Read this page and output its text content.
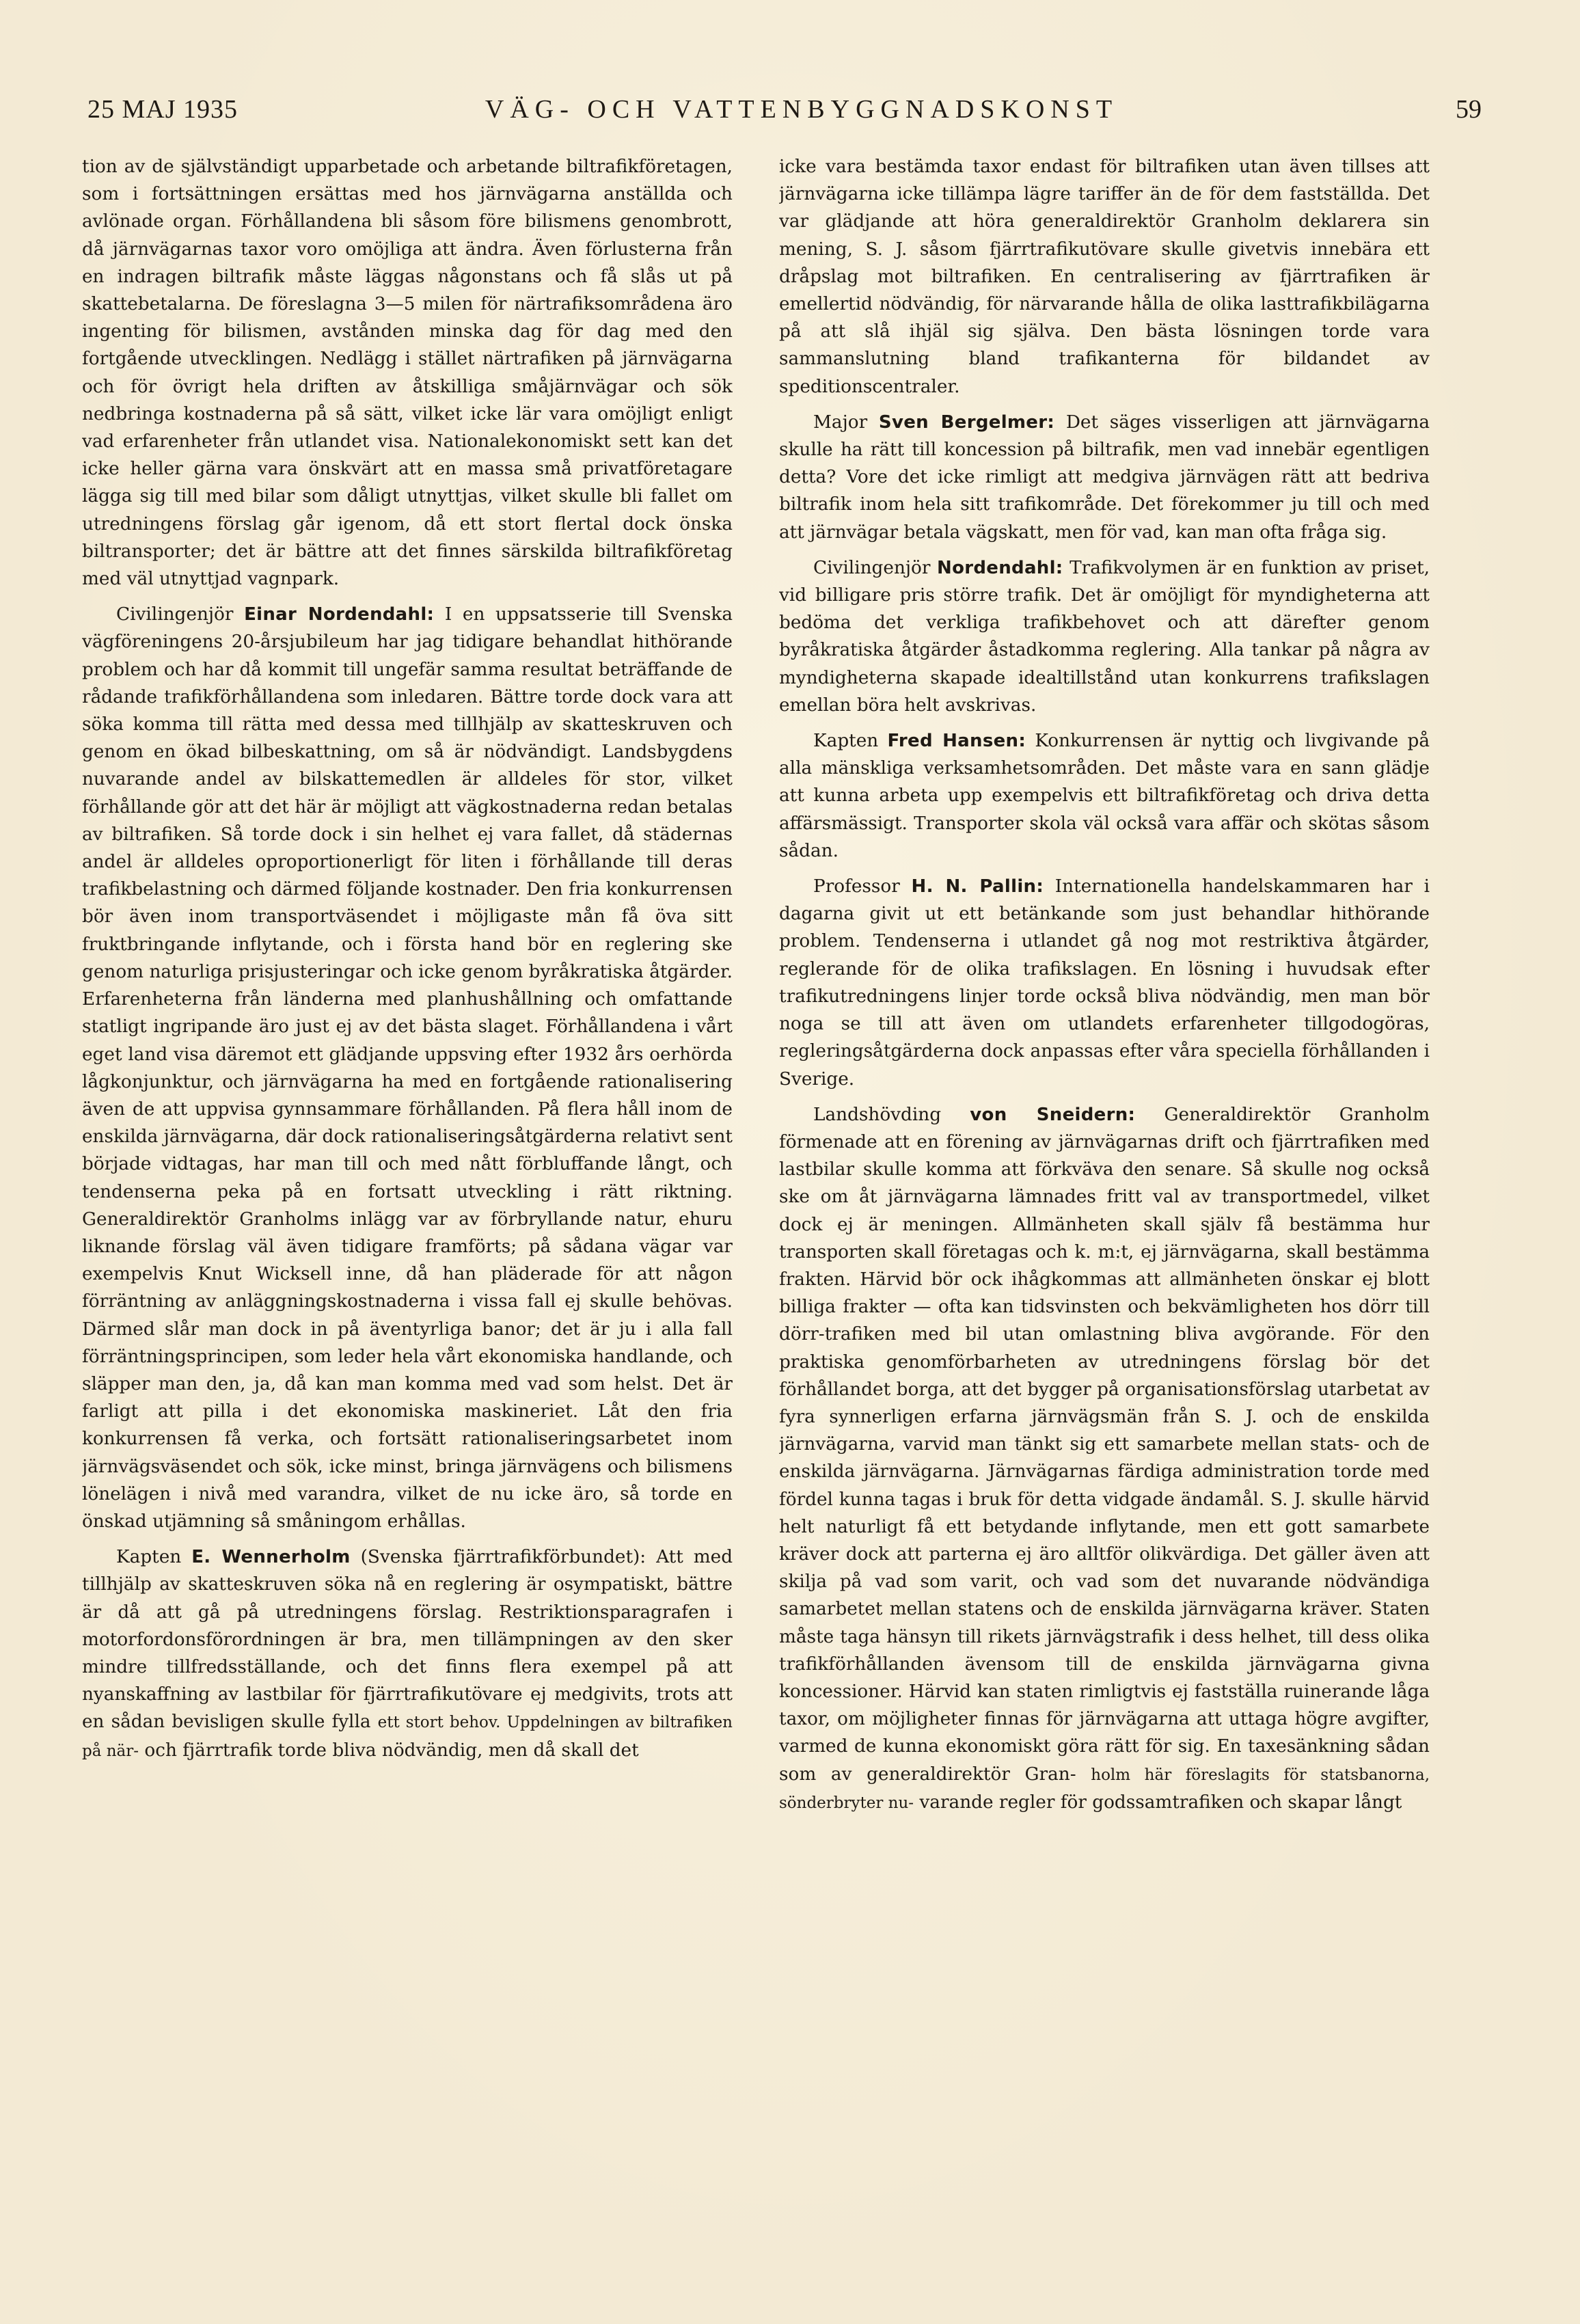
25 MAJ 1935	VÄG- OCH VATTENBYGGNADSKONST	59

tion av de självständigt upparbetade och arbetande biltrafikföretagen, som i fortsättningen ersättas med hos järnvägarna anställda och avlönade organ. Förhållandena bli såsom före bilismens genombrott, då järnvägarnas taxor voro omöjliga att ändra. Även förlusterna från en indragen biltrafik måste läggas någonstans och få slås ut på skattebetalarna. De föreslagna 3—5 milen för närtrafiksområdena äro ingenting för bilismen, avstånden minska dag för dag med den fortgående utvecklingen. Nedlägg i stället närtrafiken på järnvägarna och för övrigt hela driften av åtskilliga småjärnvägar och sök nedbringa kostnaderna på så sätt, vilket icke lär vara omöjligt enligt vad erfarenheter från utlandet visa. Nationalekonomiskt sett kan det icke heller gärna vara önskvärt att en massa små privatföretagare lägga sig till med bilar som dåligt utnyttjas, vilket skulle bli fallet om utredningens förslag går igenom, då ett stort flertal dock önska biltransporter; det är bättre att det finnes särskilda biltrafikföretag med väl utnyttjad vagnpark.

Civilingenjör Einar Nordendahl: I en uppsatsserie till Svenska vägföreningens 20-årsjubileum har jag tidigare behandlat hithörande problem och har då kommit till ungefär samma resultat beträffande de rådande trafikförhållandena som inledaren. Bättre torde dock vara att söka komma till rätta med dessa med tillhjälp av skatteskruven och genom en ökad bilbeskattning, om så är nödvändigt. Landsbygdens nuvarande andel av bilskattemedlen är alldeles för stor, vilket förhållande gör att det här är möjligt att vägkostnaderna redan betalas av biltrafiken. Så torde dock i sin helhet ej vara fallet, då städernas andel är alldeles oproportionerligt för liten i förhållande till deras trafikbelastning och därmed följande kostnader. Den fria konkurrensen bör även inom transportväsendet i möjligaste mån få öva sitt fruktbringande inflytande, och i första hand bör en reglering ske genom naturliga prisjusteringar och icke genom byråkratiska åtgärder. Erfarenheterna från länderna med planhushållning och omfattande statligt ingripande äro just ej av det bästa slaget. Förhållandena i vårt eget land visa däremot ett glädjande uppsving efter 1932 års oerhörda lågkonjunktur, och järnvägarna ha med en fortgående rationalisering även de att uppvisa gynnsammare förhållanden. På flera håll inom de enskilda järnvägarna, där dock rationaliseringsåtgärderna relativt sent började vidtagas, har man till och med nått förbluffande långt, och tendenserna peka på en fortsatt utveckling i rätt riktning. Generaldirektör Granholms inlägg var av förbryllande natur, ehuru liknande förslag väl även tidigare framförts; på sådana vägar var exempelvis Knut Wicksell inne, då han pläderade för att någon förräntning av anläggningskostnaderna i vissa fall ej skulle behövas. Därmed slår man dock in på äventyrliga banor; det är ju i alla fall förräntningsprincipen, som leder hela vårt ekonomiska handlande, och släpper man den, ja, då kan man komma med vad som helst. Det är farligt att pilla i det ekonomiska maskineriet. Låt den fria konkurrensen få verka, och fortsätt rationaliseringsarbetet inom järnvägsväsendet och sök, icke minst, bringa järnvägens och bilismens lönelägen i nivå med varandra, vilket de nu icke äro, så torde en önskad utjämning så småningom erhållas.

Kapten E. Wennerholm (Svenska fjärrtrafikförbundet): Att med tillhjälp av skatteskruven söka nå en reglering är osympatiskt, bättre är då att gå på utredningens förslag. Restriktionsparagrafen i motorfordonsförordningen är bra, men tillämpningen av den sker mindre tillfredsställande, och det finns flera exempel på att nyanskaffning av lastbilar för fjärrtrafikutövare ej medgivits, trots att en sådan bevisligen skulle fylla ett stort behov. Uppdelningen av biltrafiken på när- och fjärrtrafik torde bliva nödvändig, men då skall det

icke vara bestämda taxor endast för biltrafiken utan även tillses att järnvägarna icke tillämpa lägre tariffer än de för dem fastställda. Det var glädjande att höra generaldirektör Granholm deklarera sin mening, S. J. såsom fjärrtrafikutövare skulle givetvis innebära ett dråpslag mot biltrafiken. En centralisering av fjärrtrafiken är emellertid nödvändig, för närvarande hålla de olika lasttrafikbilägarna på att slå ihjäl sig själva. Den bästa lösningen torde vara sammanslutning bland trafikanterna för bildandet av speditionscentraler.

Major Sven Bergelmer: Det säges visserligen att järnvägarna skulle ha rätt till koncession på biltrafik, men vad innebär egentligen detta? Vore det icke rimligt att medgiva järnvägen rätt att bedriva biltrafik inom hela sitt trafikområde. Det förekommer ju till och med att järnvägar betala vägskatt, men för vad, kan man ofta fråga sig.

Civilingenjör Nordendahl: Trafikvolymen är en funktion av priset, vid billigare pris större trafik. Det är omöjligt för myndigheterna att bedöma det verkliga trafikbehovet och att därefter genom byråkratiska åtgärder åstadkomma reglering. Alla tankar på några av myndigheterna skapade idealtillstånd utan konkurrens trafikslagen emellan böra helt avskrivas.

Kapten Fred Hansen: Konkurrensen är nyttig och livgivande på alla mänskliga verksamhetsområden. Det måste vara en sann glädje att kunna arbeta upp exempelvis ett biltrafikföretag och driva detta affärsmässigt. Transporter skola väl också vara affär och skötas såsom sådan.

Professor H. N. Pallin: Internationella handelskammaren har i dagarna givit ut ett betänkande som just behandlar hithörande problem. Tendenserna i utlandet gå nog mot restriktiva åtgärder, reglerande för de olika trafikslagen. En lösning i huvudsak efter trafikutredningens linjer torde också bliva nödvändig, men man bör noga se till att även om utlandets erfarenheter tillgodogöras, regleringsåtgärderna dock anpassas efter våra speciella förhållanden i Sverige.

Landshövding von Sneidern: Generaldirektör Granholm förmenade att en förening av järnvägarnas drift och fjärrtrafiken med lastbilar skulle komma att förkväva den senare. Så skulle nog också ske om åt järnvägarna lämnades fritt val av transportmedel, vilket dock ej är meningen. Allmänheten skall själv få bestämma hur transporten skall företagas och k. m:t, ej järnvägarna, skall bestämma frakten. Härvid bör ock ihågkommas att allmänheten önskar ej blott billiga frakter — ofta kan tidsvinsten och bekvämligheten hos dörr till dörr-trafiken med bil utan omlastning bliva avgörande. För den praktiska genomförbarheten av utredningens förslag bör det förhållandet borga, att det bygger på organisationsförslag utarbetat av fyra synnerligen erfarna järnvägsmän från S. J. och de enskilda järnvägarna, varvid man tänkt sig ett samarbete mellan stats- och de enskilda järnvägarna. Järnvägarnas färdiga administration torde med fördel kunna tagas i bruk för detta vidgade ändamål. S. J. skulle härvid helt naturligt få ett betydande inflytande, men ett gott samarbete kräver dock att parterna ej äro alltför olikvärdiga. Det gäller även att skilja på vad som varit, och vad som det nuvarande nödvändiga samarbetet mellan statens och de enskilda järnvägarna kräver. Staten måste taga hänsyn till rikets järnvägstrafik i dess helhet, till dess olika trafikförhållanden ävensom till de enskilda järnvägarna givna koncessioner. Härvid kan staten rimligtvis ej fastställa ruinerande låga taxor, om möjligheter finnas för järnvägarna att uttaga högre avgifter, varmed de kunna ekonomiskt göra rätt för sig. En taxesänkning sådan som av generaldirektör Gran- holm här föreslagits för statsbanorna, sönderbryter nu- varande regler för godssamtrafiken och skapar långt
